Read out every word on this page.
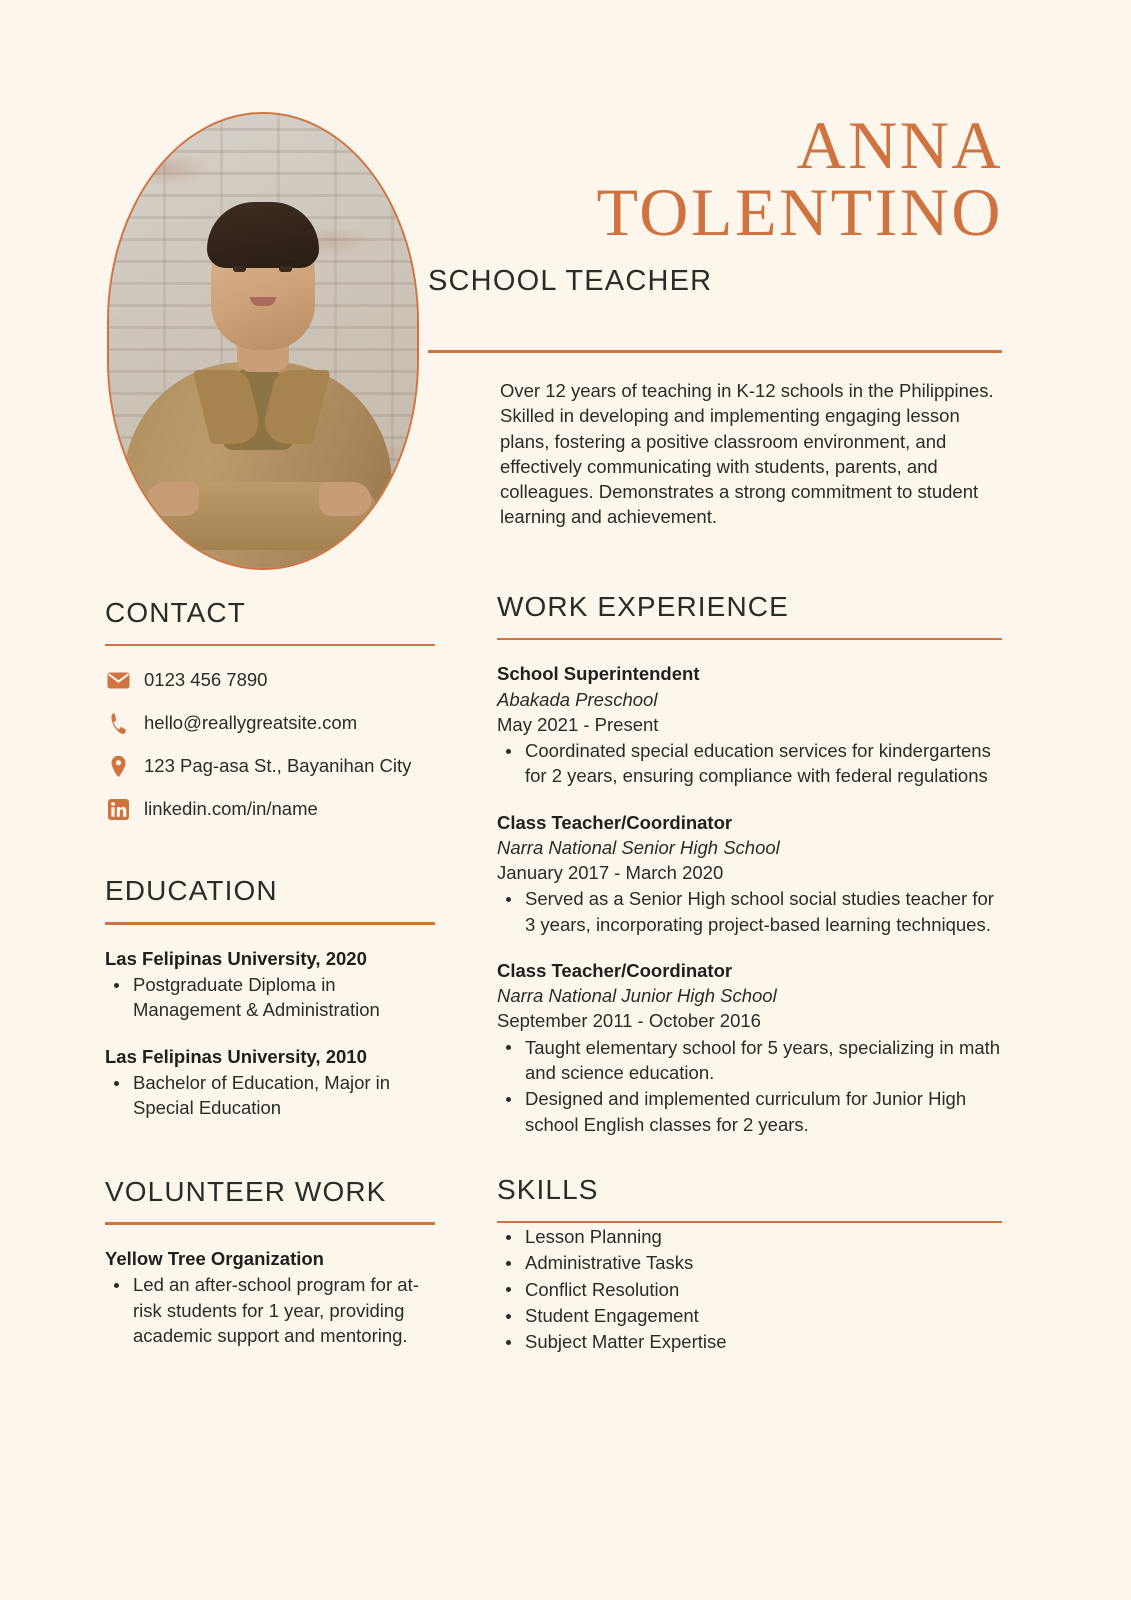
ANNA
TOLENTINO
SCHOOL TEACHER

Over 12 years of teaching in K-12 schools in the Philippines. Skilled in developing and implementing engaging lesson plans, fostering a positive classroom environment, and effectively communicating with students, parents, and colleagues. Demonstrates a strong commitment to student learning and achievement.

CONTACT
0123 456 7890
hello@reallygreatsite.com
123 Pag-asa St., Bayanihan City
linkedin.com/in/name
EDUCATION
Las Felipinas University, 2020
Postgraduate Diploma in Management & Administration
Las Felipinas University, 2010
Bachelor of Education, Major in Special Education
VOLUNTEER WORK
Yellow Tree Organization
Led an after-school program for at-risk students for 1 year, providing academic support and mentoring.
WORK EXPERIENCE
School Superintendent
Abakada Preschool
May 2021 - Present
Coordinated special education services for kindergartens for 2 years, ensuring compliance with federal regulations
Class Teacher/Coordinator
Narra National Senior High School
January 2017 - March 2020
Served as a Senior High school social studies teacher for 3 years, incorporating project-based learning techniques.
Class Teacher/Coordinator
Narra National Junior High School
September 2011 - October 2016
Taught elementary school for 5 years, specializing in math and science education.
Designed and implemented curriculum for Junior High school English classes for 2 years.
SKILLS
Lesson Planning
Administrative Tasks
Conflict Resolution
Student Engagement
Subject Matter Expertise
